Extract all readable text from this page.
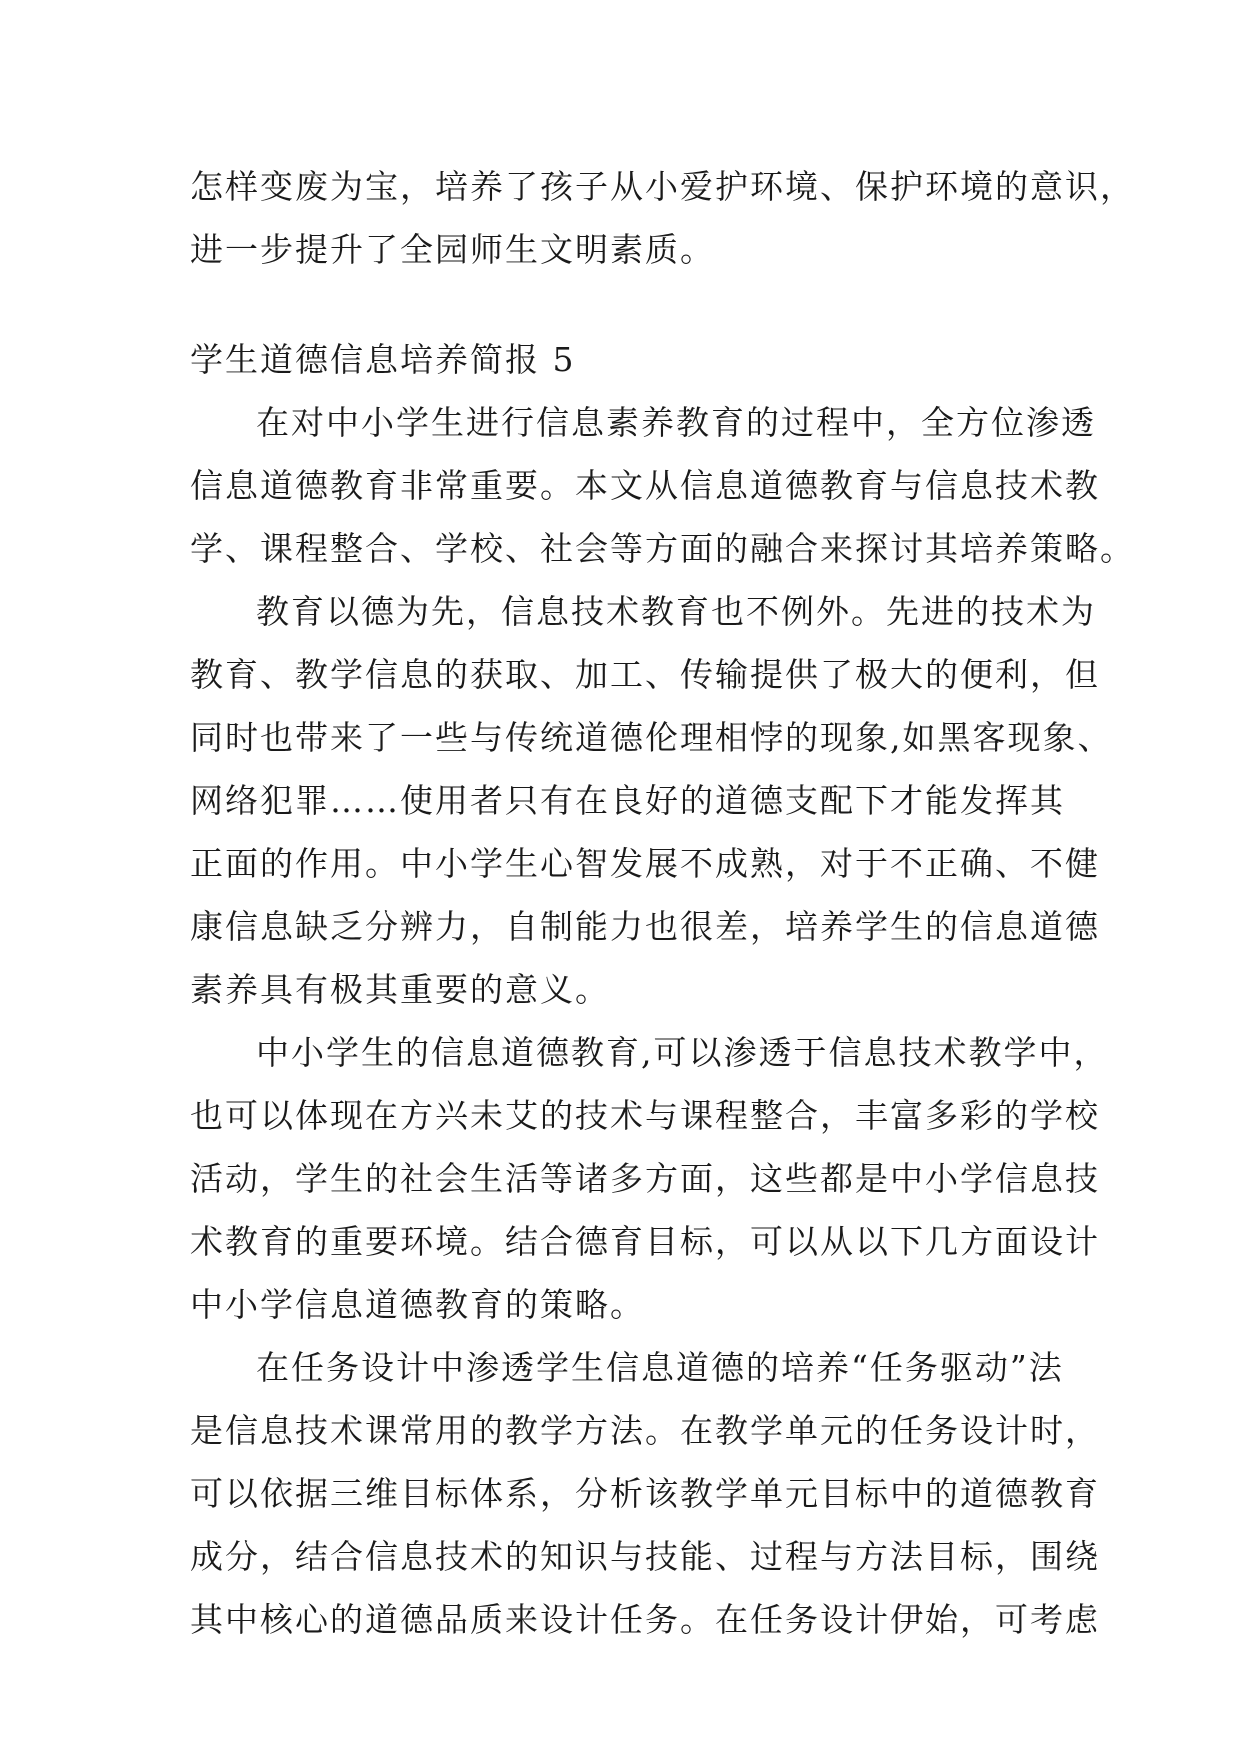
怎样变废为宝，培养了孩子从小爱护环境、保护环境的意识，
进一步提升了全园师生文明素质。
学生道德信息培养简报 5
在对中小学生进行信息素养教育的过程中，全方位渗透
信息道德教育非常重要。本文从信息道德教育与信息技术教
学、课程整合、学校、社会等方面的融合来探讨其培养策略。
教育以德为先，信息技术教育也不例外。先进的技术为
教育、教学信息的获取、加工、传输提供了极大的便利，但
同时也带来了一些与传统道德伦理相悖的现象,如黑客现象、
网络犯罪……使用者只有在良好的道德支配下才能发挥其
正面的作用。中小学生心智发展不成熟，对于不正确、不健
康信息缺乏分辨力，自制能力也很差，培养学生的信息道德
素养具有极其重要的意义。
中小学生的信息道德教育,可以渗透于信息技术教学中，
也可以体现在方兴未艾的技术与课程整合，丰富多彩的学校
活动，学生的社会生活等诸多方面，这些都是中小学信息技
术教育的重要环境。结合德育目标，可以从以下几方面设计
中小学信息道德教育的策略。
在任务设计中渗透学生信息道德的培养“任务驱动”法
是信息技术课常用的教学方法。在教学单元的任务设计时，
可以依据三维目标体系，分析该教学单元目标中的道德教育
成分，结合信息技术的知识与技能、过程与方法目标，围绕
其中核心的道德品质来设计任务。在任务设计伊始，可考虑
